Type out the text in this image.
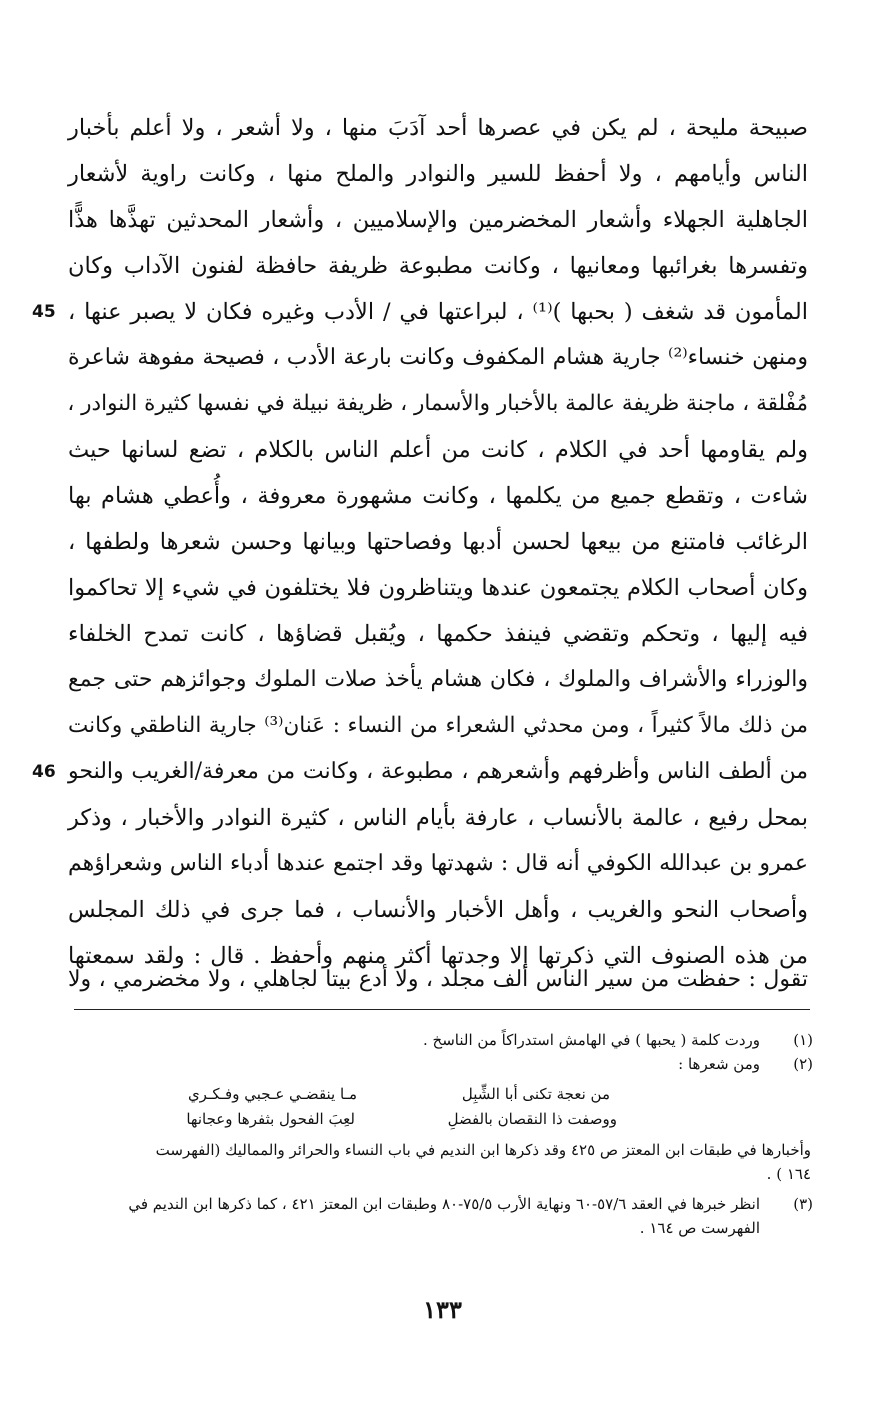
صبيحة مليحة ، لم يكن في عصرها أحد آدَبَ منها ، ولا أشعر ، ولا أعلم بأخبار
الناس وأيامهم ، ولا أحفظ للسير والنوادر والملح منها ، وكانت راوية لأشعار
الجاهلية الجهلاء وأشعار المخضرمين والإسلاميين ، وأشعار المحدثين تهذَّها هذًّا
وتفسرها بغرائبها ومعانيها ، وكانت مطبوعة ظريفة حافظة لفنون الآداب وكان
المأمون قد شغف ( بحبها )⁽¹⁾ ، لبراعتها في / الأدب وغيره فكان لا يصبر عنها ،
45
ومنهن خنساء⁽²⁾ جارية هشام المكفوف وكانت بارعة الأدب ، فصيحة مفوهة شاعرة
مُفْلقة ، ماجنة ظريفة عالمة بالأخبار والأسمار ، ظريفة نبيلة في نفسها كثيرة النوادر ،
ولم يقاومها أحد في الكلام ، كانت من أعلم الناس بالكلام ، تضع لسانها حيث
شاءت ، وتقطع جميع من يكلمها ، وكانت مشهورة معروفة ، وأُعطي هشام بها
الرغائب فامتنع من بيعها لحسن أدبها وفصاحتها وبيانها وحسن شعرها ولطفها ،
وكان أصحاب الكلام يجتمعون عندها ويتناظرون فلا يختلفون في شيء إلا تحاكموا
فيه إليها ، وتحكم وتقضي فينفذ حكمها ، ويُقبل قضاؤها ، كانت تمدح الخلفاء
والوزراء والأشراف والملوك ، فكان هشام يأخذ صلات الملوك وجوائزهم حتى جمع
من ذلك مالاً كثيراً ، ومن محدثي الشعراء من النساء : عَنان⁽³⁾ جارية الناطقي وكانت
من ألطف الناس وأظرفهم وأشعرهم ، مطبوعة ، وكانت من معرفة/الغريب والنحو
46
بمحل رفيع ، عالمة بالأنساب ، عارفة بأيام الناس ، كثيرة النوادر والأخبار ، وذكر
عمرو بن عبدالله الكوفي أنه قال : شهدتها وقد اجتمع عندها أدباء الناس وشعراؤهم
وأصحاب النحو والغريب ، وأهل الأخبار والأنساب ، فما جرى في ذلك المجلس
من هذه الصنوف التي ذكرتها إلا وجدتها أكثر منهم وأحفظ . قال : ولقد سمعتها
تقول : حفظت من سير الناس ألف مجلد ، ولا أدع بيتا لجاهلي ، ولا مخضرمي ، ولا
(١)
وردت كلمة ( يحبها ) في الهامش استدراكاً من الناسخ .
(٢)
ومن شعرها :
مـا ينقضـي عـجبي وفـكـري	من نعجة تكنى أبا الشِّبِل
لعِبَ الفحول بثفرها وعجانها	ووصفت ذا النقصان بالفضلِ
وأخبارها في طبقات ابن المعتز ص ٤٢٥ وقد ذكرها ابن النديم في باب النساء والحرائر والمماليك (الفهرست
١٦٤ ) .
(٣)
انظر خبرها في العقد ٥٧/٦-٦٠ ونهاية الأرب ٧٥/٥-٨٠ وطبقات ابن المعتز ٤٢١ ، كما ذكرها ابن النديم في
الفهرست ص ١٦٤ .
١٣٣
